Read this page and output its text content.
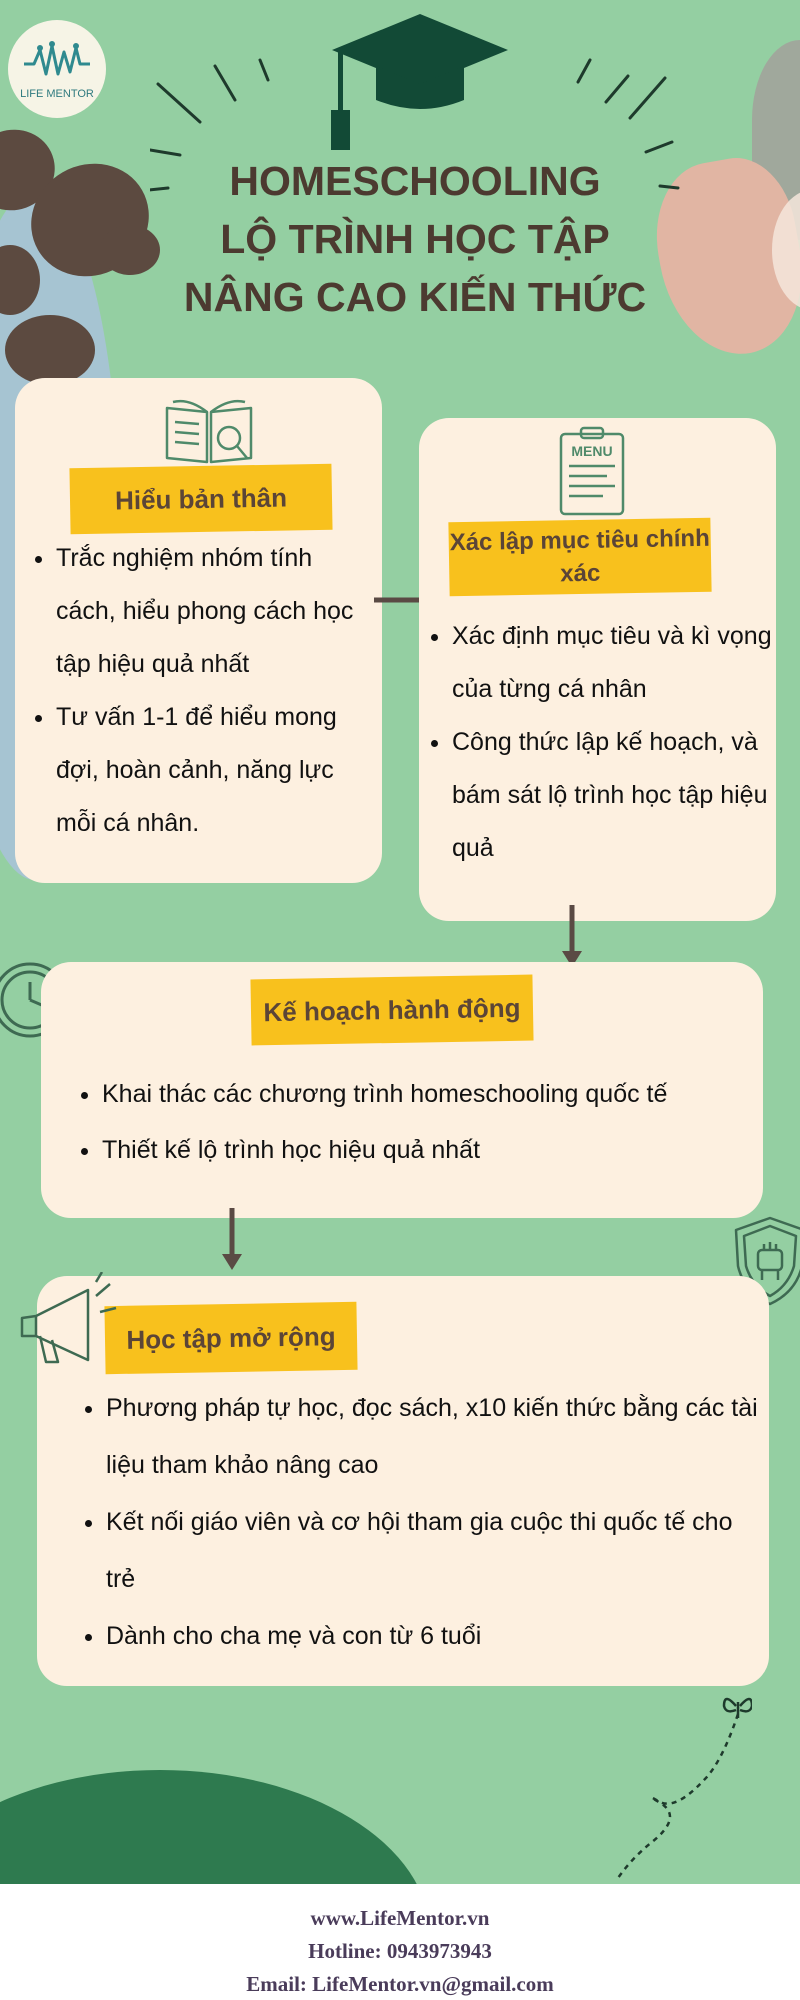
LIFE MENTOR
HOMESCHOOLING
LỘ TRÌNH HỌC TẬP
NÂNG CAO KIẾN THỨC
Hiểu bản thân
• Trắc nghiệm nhóm tính cách, hiểu phong cách học tập hiệu quả nhất
• Tư vấn 1-1 để hiểu mong đợi, hoàn cảnh, năng lực mỗi cá nhân.
MENU
Xác lập mục tiêu chính xác
• Xác định mục tiêu và kì vọng của từng cá nhân
• Công thức lập kế hoạch, và bám sát lộ trình học tập hiệu quả
Kế hoạch hành động
• Khai thác các chương trình homeschooling quốc tế
• Thiết kế lộ trình học hiệu quả nhất
Học tập mở rộng
• Phương pháp tự học, đọc sách, x10 kiến thức bằng các tài liệu tham khảo nâng cao
• Kết nối giáo viên và cơ hội tham gia cuộc thi quốc tế cho trẻ
• Dành cho cha mẹ và con từ 6 tuổi
www.LifeMentor.vn
Hotline: 0943973943
Email: LifeMentor.vn@gmail.com
